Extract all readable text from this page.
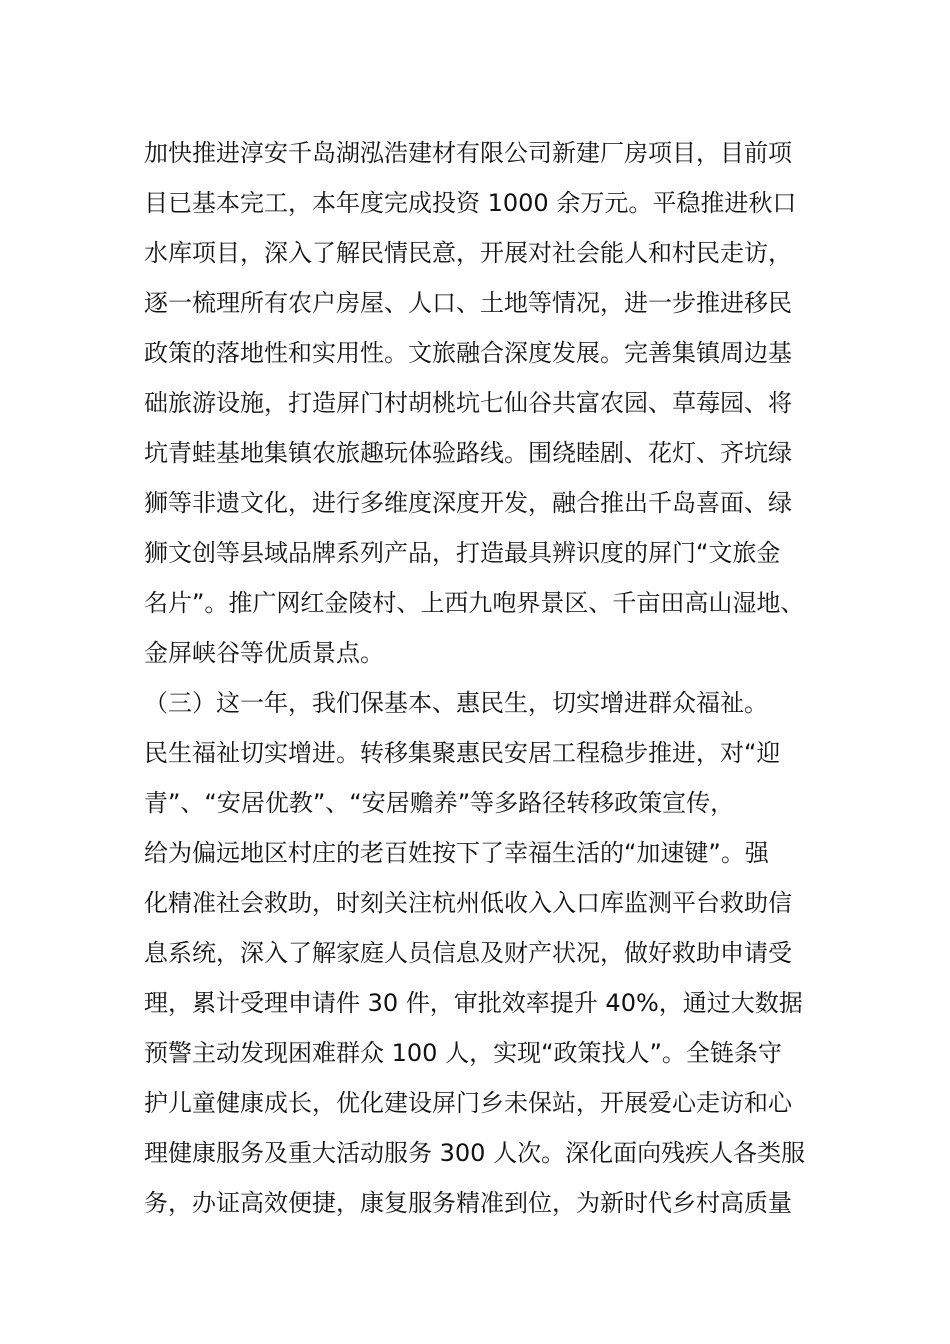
加快推进淳安千岛湖泓浩建材有限公司新建厂房项目，目前项
目已基本完工，本年度完成投资 1000 余万元。平稳推进秋口
水库项目，深入了解民情民意，开展对社会能人和村民走访，
逐一梳理所有农户房屋、人口、土地等情况，进一步推进移民
政策的落地性和实用性。文旅融合深度发展。完善集镇周边基
础旅游设施，打造屏门村胡桃坑七仙谷共富农园、草莓园、将
坑青蛙基地集镇农旅趣玩体验路线。围绕睦剧、花灯、齐坑绿
狮等非遗文化，进行多维度深度开发，融合推出千岛喜面、绿
狮文创等县域品牌系列产品，打造最具辨识度的屏门“文旅金
名片”。推广网红金陵村、上西九咆界景区、千亩田高山湿地、
金屏峡谷等优质景点。
（三）这一年，我们保基本、惠民生，切实增进群众福祉。
民生福祉切实增进。转移集聚惠民安居工程稳步推进，对“迎
青”、“安居优教”、“安居赡养”等多路径转移政策宣传，
给为偏远地区村庄的老百姓按下了幸福生活的“加速键”。强
化精准社会救助，时刻关注杭州低收入入口库监测平台救助信
息系统，深入了解家庭人员信息及财产状况，做好救助申请受
理，累计受理申请件 30 件，审批效率提升 40%，通过大数据
预警主动发现困难群众 100 人，实现“政策找人”。全链条守
护儿童健康成长，优化建设屏门乡未保站，开展爱心走访和心
理健康服务及重大活动服务 300 人次。深化面向残疾人各类服
务，办证高效便捷，康复服务精准到位，为新时代乡村高质量
